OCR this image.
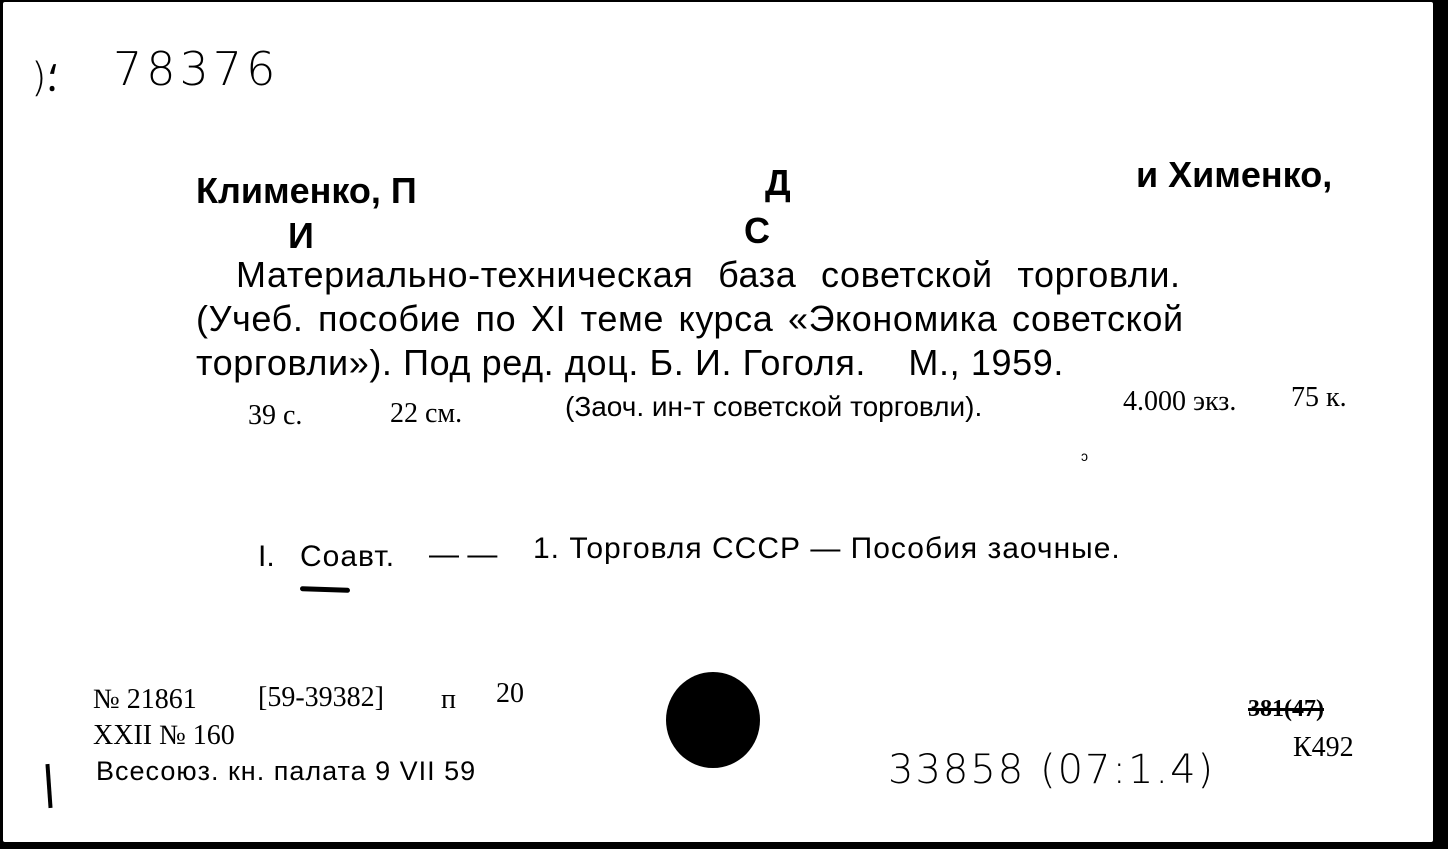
)⸵ 78376
Клименко, П	Д	и Хименко,
И	С
Материально-техническая база советской торговли.
(Учеб. пособие по XI теме курса «Экономика советской
торговли»). Под ред. доц. Б. И. Гоголя.    М., 1959.
39 с.	22 см.	(Заоч. ин-т советской торговли).	4.000 экз. 75 к.
ɔ
I. Соавт. — — 1. Торговля СССР — Пособия заочные.
№ 21861 [59-39382] п 20
XXII № 160
Всесоюз. кн. палата 9 VII 59	33858 (07:1.4)
381(47)
К492
